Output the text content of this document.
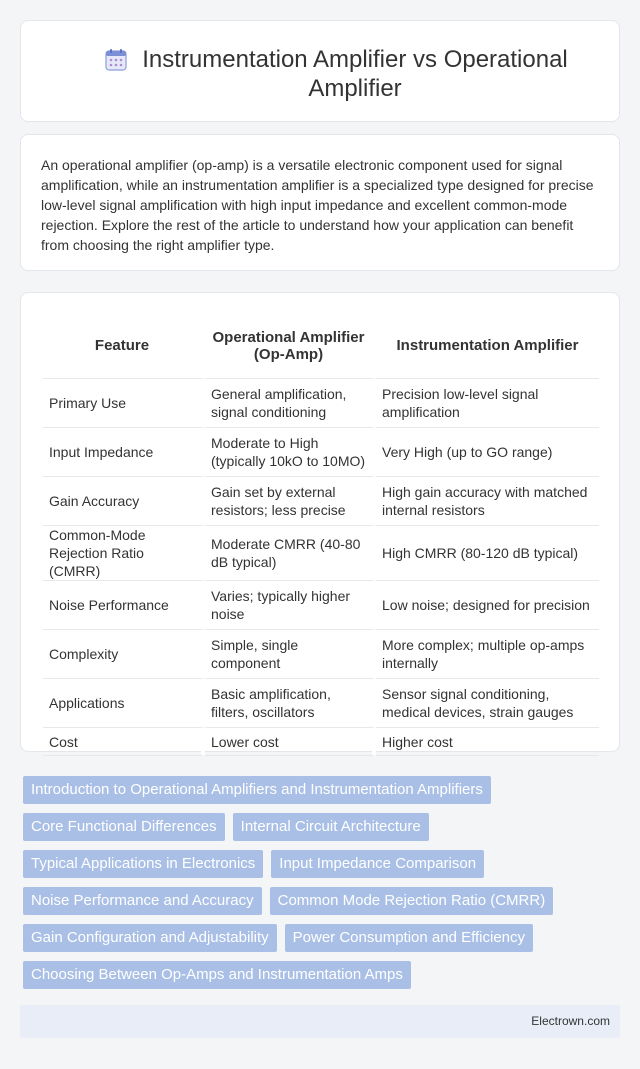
Instrumentation Amplifier vs Operational Amplifier

An operational amplifier (op-amp) is a versatile electronic component used for signal amplification, while an instrumentation amplifier is a specialized type designed for precise low-level signal amplification with high input impedance and excellent common-mode rejection. Explore the rest of the article to understand how your application can benefit from choosing the right amplifier type.

Feature	Operational Amplifier (Op-Amp)	Instrumentation Amplifier
Primary Use	General amplification, signal conditioning	Precision low-level signal amplification
Input Impedance	Moderate to High (typically 10kO to 10MO)	Very High (up to GO range)
Gain Accuracy	Gain set by external resistors; less precise	High gain accuracy with matched internal resistors
Common-Mode Rejection Ratio (CMRR)	Moderate CMRR (40-80 dB typical)	High CMRR (80-120 dB typical)
Noise Performance	Varies; typically higher noise	Low noise; designed for precision
Complexity	Simple, single component	More complex; multiple op-amps internally
Applications	Basic amplification, filters, oscillators	Sensor signal conditioning, medical devices, strain gauges
Cost	Lower cost	Higher cost
Introduction to Operational Amplifiers and Instrumentation Amplifiers
Core Functional Differences	Internal Circuit Architecture
Typical Applications in Electronics	Input Impedance Comparison
Noise Performance and Accuracy	Common Mode Rejection Ratio (CMRR)
Gain Configuration and Adjustability	Power Consumption and Efficiency
Choosing Between Op-Amps and Instrumentation Amps
Electrown.com
